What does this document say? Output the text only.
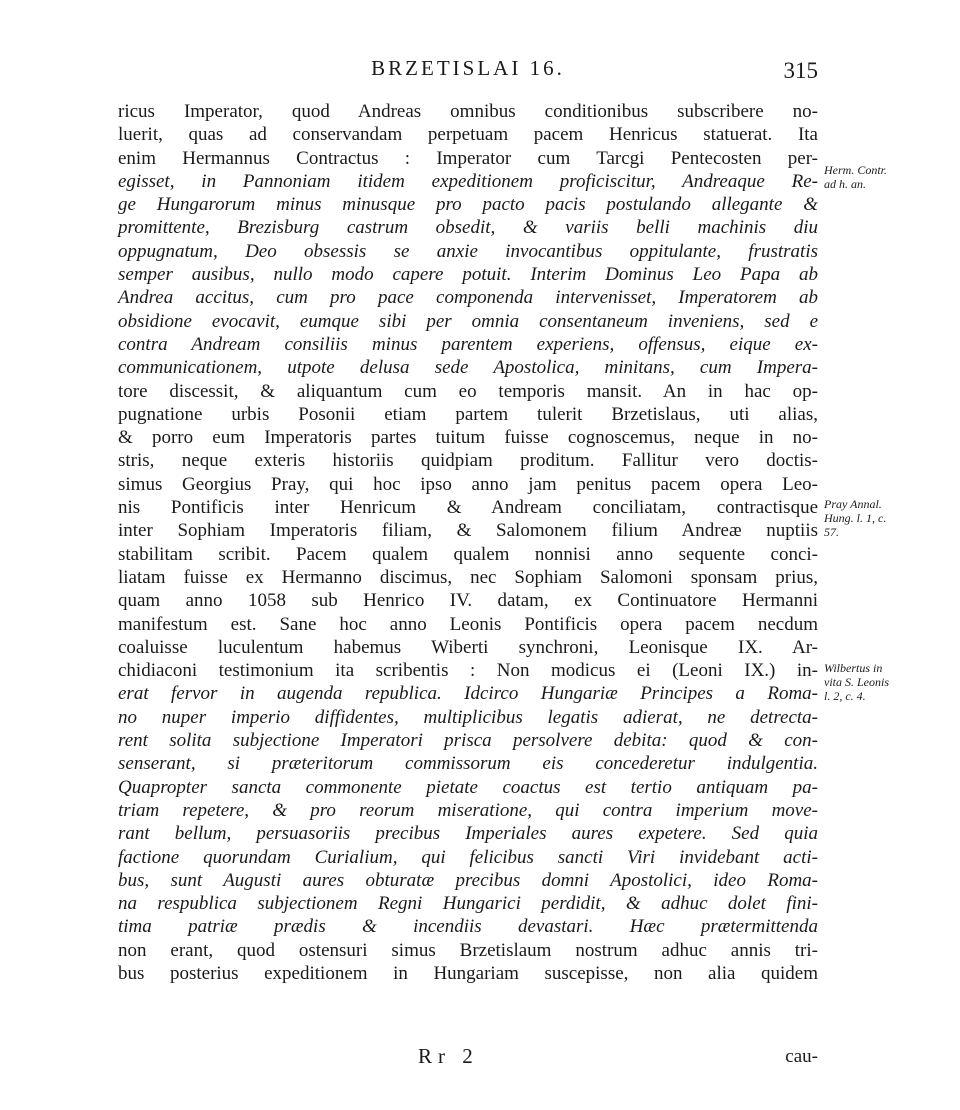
BRZETISLAI 16.	315
ricus Imperator, quod Andreas omnibus conditionibus subscribere no-
luerit, quas ad conservandam perpetuam pacem Henricus statuerat. Ita
enim Hermannus Contractus : Imperator cum Tarcgi Pentecosten per-
egisset, in Pannoniam itidem expeditionem proficiscitur, Andreaque Re-
ge Hungarorum minus minusque pro pacto pacis postulando allegante &
promittente, Brezisburg castrum obsedit, & variis belli machinis diu
oppugnatum, Deo obsessis se anxie invocantibus oppitulante, frustratis
semper ausibus, nullo modo capere potuit. Interim Dominus Leo Papa ab
Andrea accitus, cum pro pace componenda intervenisset, Imperatorem ab
obsidione evocavit, eumque sibi per omnia consentaneum inveniens, sed e
contra Andream consiliis minus parentem experiens, offensus, eique ex-
communicationem, utpote delusa sede Apostolica, minitans, cum Impera-
tore discessit, & aliquantum cum eo temporis mansit. An in hac op-
pugnatione urbis Posonii etiam partem tulerit Brzetislaus, uti alias,
& porro eum Imperatoris partes tuitum fuisse cognoscemus, neque in no-
stris, neque exteris historiis quidpiam proditum. Fallitur vero doctis-
simus Georgius Pray, qui hoc ipso anno jam penitus pacem opera Leo-
nis Pontificis inter Henricum & Andream conciliatam, contractisque
inter Sophiam Imperatoris filiam, & Salomonem filium Andreæ nuptiis
stabilitam scribit. Pacem qualem qualem nonnisi anno sequente conci-
liatam fuisse ex Hermanno discimus, nec Sophiam Salomoni sponsam prius,
quam anno 1058 sub Henrico IV. datam, ex Continuatore Hermanni
manifestum est. Sane hoc anno Leonis Pontificis opera pacem necdum
coaluisse luculentum habemus Wiberti synchroni, Leonisque IX. Ar-
chidiaconi testimonium ita scribentis : Non modicus ei (Leoni IX.) in-
erat fervor in augenda republica. Idcirco Hungariæ Principes a Roma-
no nuper imperio diffidentes, multiplicibus legatis adierat, ne detrecta-
rent solita subjectione Imperatori prisca persolvere debita: quod & con-
senserant, si præteritorum commissorum eis concederetur indulgentia.
Quapropter sancta commonente pietate coactus est tertio antiquam pa-
triam repetere, & pro reorum miseratione, qui contra imperium move-
rant bellum, persuasoriis precibus Imperiales aures expetere. Sed quia
factione quorundam Curialium, qui felicibus sancti Viri invidebant acti-
bus, sunt Augusti aures obturatæ precibus domni Apostolici, ideo Roma-
na respublica subjectionem Regni Hungarici perdidit, & adhuc dolet fini-
tima patriæ prædis & incendiis devastari. Hæc prætermittenda
non erant, quod ostensuri simus Brzetislaum nostrum adhuc annis tri-
bus posterius expeditionem in Hungariam suscepisse, non alia quidem
Herm. Contr.
ad h. an.
Pray Annal.
Hung. l. 1, c.
57.
Wilbertus in
vita S. Leonis
l. 2, c. 4.
Rr 2	cau-
